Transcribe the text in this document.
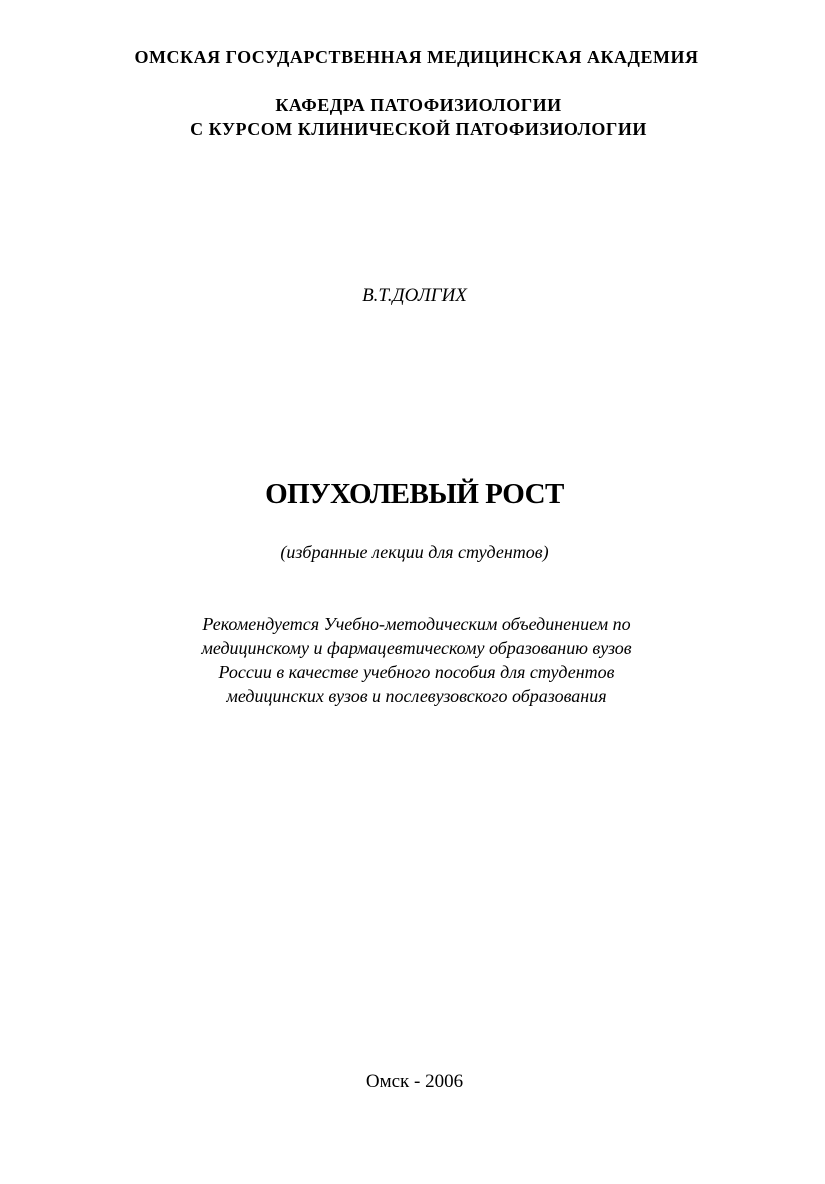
ОМСКАЯ ГОСУДАРСТВЕННАЯ МЕДИЦИНСКАЯ АКАДЕМИЯ
КАФЕДРА ПАТОФИЗИОЛОГИИ
С КУРСОМ КЛИНИЧЕСКОЙ ПАТОФИЗИОЛОГИИ
В.Т.ДОЛГИХ
ОПУХОЛЕВЫЙ РОСТ
(избранные лекции для студентов)
Рекомендуется Учебно-методическим объединением по
медицинскому и фармацевтическому образованию вузов
России в качестве учебного пособия для студентов
медицинских вузов и послевузовского образования
Омск - 2006
